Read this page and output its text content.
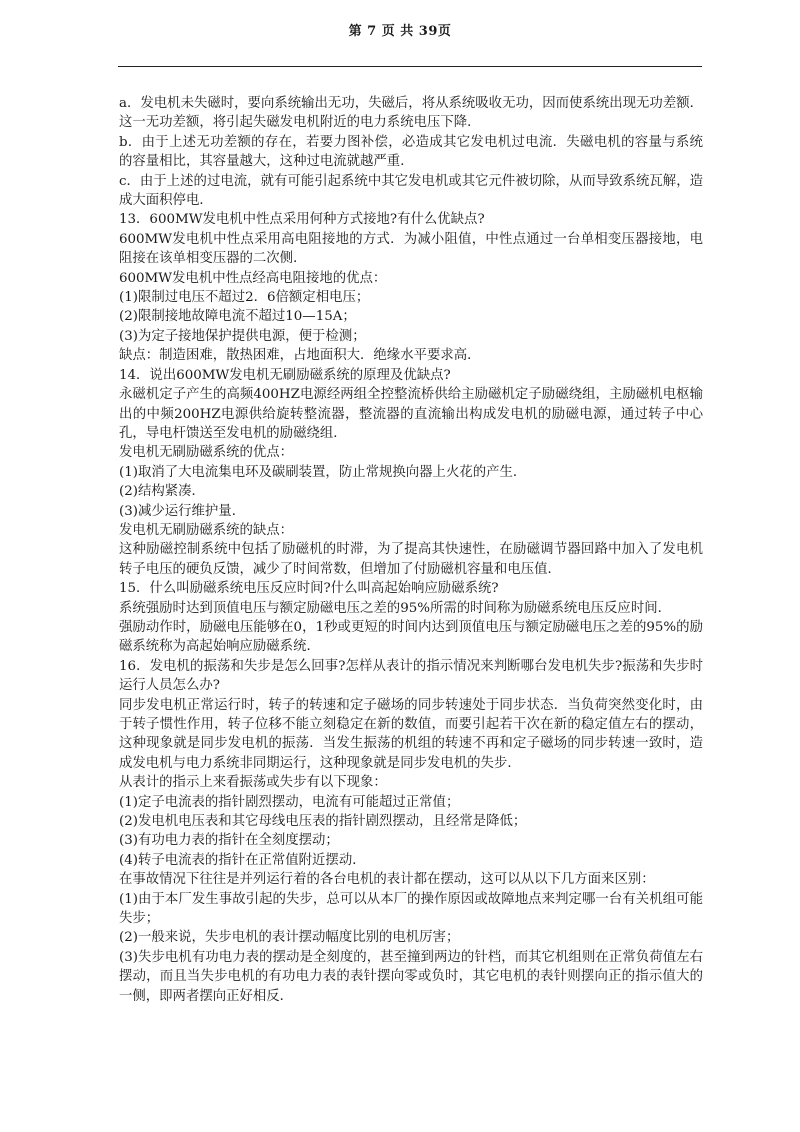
第 7 页 共 39页

a．发电机未失磁时，要向系统输出无功，失磁后，将从系统吸收无功，因而使系统出现无功差额．这一无功差额，将引起失磁发电机附近的电力系统电压下降．

b．由于上述无功差额的存在，若要力图补偿，必造成其它发电机过电流．失磁电机的容量与系统的容量相比，其容量越大，这种过电流就越严重．

c．由于上述的过电流，就有可能引起系统中其它发电机或其它元件被切除，从而导致系统瓦解，造成大面积停电．

13．600MW发电机中性点采用何种方式接地?有什么优缺点?

600MW发电机中性点采用高电阻接地的方式．为减小阻值，中性点通过一台单相变压器接地，电阻接在该单相变压器的二次侧．

600MW发电机中性点经高电阻接地的优点：

(1)限制过电压不超过2．6倍额定相电压；

(2)限制接地故障电流不超过10—15A；

(3)为定子接地保护提供电源，便于检测；

缺点：制造困难，散热困难，占地面积大．绝缘水平要求高．

14．说出600MW发电机无刷励磁系统的原理及优缺点?

永磁机定子产生的高频400HZ电源经两组全控整流桥供给主励磁机定子励磁绕组，主励磁机电枢输出的中频200HZ电源供给旋转整流器，整流器的直流输出构成发电机的励磁电源，通过转子中心孔，导电杆馈送至发电机的励磁绕组．

发电机无刷励磁系统的优点：

(1)取消了大电流集电环及碳刷装置，防止常规换向器上火花的产生．

(2)结构紧凑．

(3)减少运行维护量．

发电机无刷励磁系统的缺点：

这种励磁控制系统中包括了励磁机的时滞，为了提高其快速性，在励磁调节器回路中加入了发电机转子电压的硬负反馈，减少了时间常数，但增加了付励磁机容量和电压值．

15．什么叫励磁系统电压反应时间?什么叫高起始响应励磁系统?

系统强励时达到顶值电压与额定励磁电压之差的95%所需的时间称为励磁系统电压反应时间．

强励动作时，励磁电压能够在0，1秒或更短的时间内达到顶值电压与额定励磁电压之差的95%的励磁系统称为高起始响应励磁系统．

16．发电机的振荡和失步是怎么回事?怎样从表计的指示情况来判断哪台发电机失步?振荡和失步时运行人员怎么办?

同步发电机正常运行时，转子的转速和定子磁场的同步转速处于同步状态．当负荷突然变化时，由于转子惯性作用，转子位移不能立刻稳定在新的数值，而要引起若干次在新的稳定值左右的摆动，这种现象就是同步发电机的振荡．当发生振荡的机组的转速不再和定子磁场的同步转速一致时，造成发电机与电力系统非同期运行，这种现象就是同步发电机的失步．

从表计的指示上来看振荡或失步有以下现象：

(1)定子电流表的指针剧烈摆动，电流有可能超过正常值；

(2)发电机电压表和其它母线电压表的指针剧烈摆动，且经常是降低；

(3)有功电力表的指针在全刻度摆动；

(4)转子电流表的指针在正常值附近摆动．

在事故情况下往往是并列运行着的各台电机的表计都在摆动，这可以从以下几方面来区别：

(1)由于本厂发生事故引起的失步，总可以从本厂的操作原因或故障地点来判定哪一台有关机组可能失步；

(2)一般来说，失步电机的表计摆动幅度比别的电机厉害；

(3)失步电机有功电力表的摆动是全刻度的，甚至撞到两边的针档，而其它机组则在正常负荷值左右摆动，而且当失步电机的有功电力表的表针摆向零或负时，其它电机的表针则摆向正的指示值大的一侧，即两者摆向正好相反．
